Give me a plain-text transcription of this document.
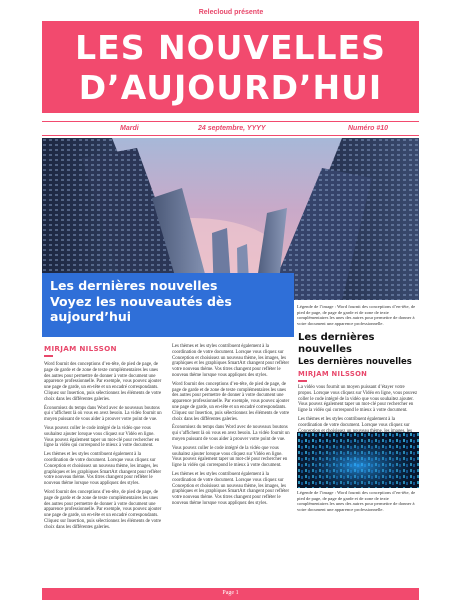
Relecloud présente
LES NOUVELLES
D’AUJOURD’HUI
Mardi	24 septembre, YYYY	Numéro #10
Les dernières nouvelles
Voyez les nouveautés dès aujourd’hui
Légende de l’image : Word fournit des conceptions d’en-tête, de pied de page, de page de garde et de zone de texte complémentaires les unes des autres pour permettre de donner à votre document une apparence professionnelle.
MIRJAM NILSSON

Word fournit des conceptions d’en-tête, de pied de page, de page de garde et de zone de texte complémentaires les unes des autres pour permettre de donner à votre document une apparence professionnelle. Par exemple, vous pouvez ajouter une page de garde, un en-tête et un encadré correspondants. Cliquez sur Insertion, puis sélectionnez les éléments de votre choix dans les différentes galeries.

Économisez du temps dans Word avec de nouveaux boutons qui s’affichent là où vous en avez besoin. La vidéo fournit un moyen puissant de vous aider à prouver votre point de vue.

Vous pouvez coller le code intégré de la vidéo que vous souhaitez ajouter lorsque vous cliquez sur Vidéo en ligne. Vous pouvez également taper un mot-clé pour rechercher en ligne la vidéo qui correspond le mieux à votre document.

Les thèmes et les styles contribuent également à la coordination de votre document. Lorsque vous cliquez sur Conception et choisissez un nouveau thème, les images, les graphiques et les graphiques SmartArt changent pour refléter votre nouveau thème. Vos titres changent pour refléter le nouveau thème lorsque vous appliquez des styles.

Word fournit des conceptions d’en-tête, de pied de page, de page de garde et de zone de texte complémentaires les unes des autres pour permettre de donner à votre document une apparence professionnelle. Par exemple, vous pouvez ajouter une page de garde, un en-tête et un encadré correspondants. Cliquez sur Insertion, puis sélectionnez les éléments de votre choix dans les différentes galeries.

Les thèmes et les styles contribuent également à la coordination de votre document. Lorsque vous cliquez sur Conception et choisissez un nouveau thème, les images, les graphiques et les graphiques SmartArt changent pour refléter votre nouveau thème. Vos titres changent pour refléter le nouveau thème lorsque vous appliquez des styles.

Word fournit des conceptions d’en-tête, de pied de page, de page de garde et de zone de texte complémentaires les unes des autres pour permettre de donner à votre document une apparence professionnelle. Par exemple, vous pouvez ajouter une page de garde, un en-tête et un encadré correspondants. Cliquez sur Insertion, puis sélectionnez les éléments de votre choix dans les différentes galeries.

Économisez du temps dans Word avec de nouveaux boutons qui s’affichent là où vous en avez besoin. La vidéo fournit un moyen puissant de vous aider à prouver votre point de vue.

Vous pouvez coller le code intégré de la vidéo que vous souhaitez ajouter lorsque vous cliquez sur Vidéo en ligne. Vous pouvez également taper un mot-clé pour rechercher en ligne la vidéo qui correspond le mieux à votre document.

Les thèmes et les styles contribuent également à la coordination de votre document. Lorsque vous cliquez sur Conception et choisissez un nouveau thème, les images, les graphiques et les graphiques SmartArt changent pour refléter votre nouveau thème. Vos titres changent pour refléter le nouveau thème lorsque vous appliquez des styles.

Les dernières nouvelles
Les dernières nouvelles
MIRJAM NILSSON

La vidéo vous fournit un moyen puissant d’étayer votre propos. Lorsque vous cliquez sur Vidéo en ligne, vous pouvez coller le code intégré de la vidéo que vous souhaitez ajouter. Vous pouvez également taper un mot-clé pour rechercher en ligne la vidéo qui correspond le mieux à votre document.

Les thèmes et les styles contribuent également à la coordination de votre document. Lorsque vous cliquez sur

Légende de l’image : Word fournit des conceptions d’en-tête, de pied de page, de page de garde et de zone de texte complémentaires les unes des autres pour permettre de donner à votre document une apparence professionnelle.
Page 1
